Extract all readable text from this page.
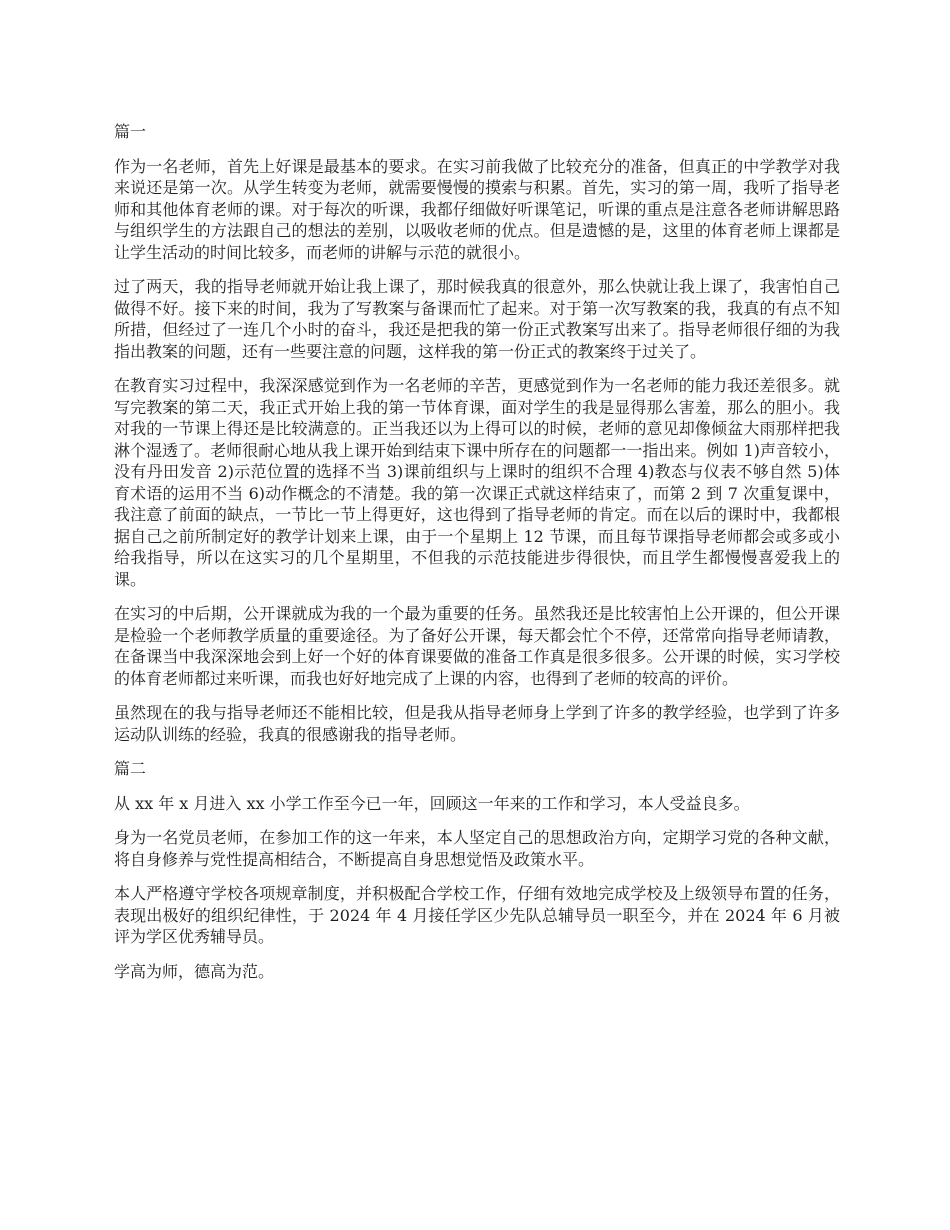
篇一

作为一名老师，首先上好课是最基本的要求。在实习前我做了比较充分的准备，但真正的中学教学对我来说还是第一次。从学生转变为老师，就需要慢慢的摸索与积累。首先，实习的第一周，我听了指导老师和其他体育老师的课。对于每次的听课，我都仔细做好听课笔记，听课的重点是注意各老师讲解思路与组织学生的方法跟自己的想法的差别，以吸收老师的优点。但是遗憾的是，这里的体育老师上课都是让学生活动的时间比较多，而老师的讲解与示范的就很小。

过了两天，我的指导老师就开始让我上课了，那时候我真的很意外，那么快就让我上课了，我害怕自己做得不好。接下来的时间，我为了写教案与备课而忙了起来。对于第一次写教案的我，我真的有点不知所措，但经过了一连几个小时的奋斗，我还是把我的第一份正式教案写出来了。指导老师很仔细的为我指出教案的问题，还有一些要注意的问题，这样我的第一份正式的教案终于过关了。

在教育实习过程中，我深深感觉到作为一名老师的辛苦，更感觉到作为一名老师的能力我还差很多。就写完教案的第二天，我正式开始上我的第一节体育课，面对学生的我是显得那么害羞，那么的胆小。我对我的一节课上得还是比较满意的。正当我还以为上得可以的时候，老师的意见却像倾盆大雨那样把我淋个湿透了。老师很耐心地从我上课开始到结束下课中所存在的问题都一一指出来。例如 1)声音较小，没有丹田发音 2)示范位置的选择不当 3)课前组织与上课时的组织不合理 4)教态与仪表不够自然 5)体育术语的运用不当 6)动作概念的不清楚。我的第一次课正式就这样结束了，而第 2 到 7 次重复课中，我注意了前面的缺点，一节比一节上得更好，这也得到了指导老师的肯定。而在以后的课时中，我都根据自己之前所制定好的教学计划来上课，由于一个星期上 12 节课，而且每节课指导老师都会或多或小给我指导，所以在这实习的几个星期里，不但我的示范技能进步得很快，而且学生都慢慢喜爱我上的课。

在实习的中后期，公开课就成为我的一个最为重要的任务。虽然我还是比较害怕上公开课的，但公开课是检验一个老师教学质量的重要途径。为了备好公开课，每天都会忙个不停，还常常向指导老师请教，在备课当中我深深地会到上好一个好的体育课要做的准备工作真是很多很多。公开课的时候，实习学校的体育老师都过来听课，而我也好好地完成了上课的内容，也得到了老师的较高的评价。

虽然现在的我与指导老师还不能相比较，但是我从指导老师身上学到了许多的教学经验，也学到了许多运动队训练的经验，我真的很感谢我的指导老师。

篇二

从 xx 年 x 月进入 xx 小学工作至今已一年，回顾这一年来的工作和学习，本人受益良多。

身为一名党员老师，在参加工作的这一年来，本人坚定自己的思想政治方向，定期学习党的各种文献，将自身修养与党性提高相结合，不断提高自身思想觉悟及政策水平。

本人严格遵守学校各项规章制度，并积极配合学校工作，仔细有效地完成学校及上级领导布置的任务，表现出极好的组织纪律性，于 2024 年 4 月接任学区少先队总辅导员一职至今，并在 2024 年 6 月被评为学区优秀辅导员。

学高为师，德高为范。
